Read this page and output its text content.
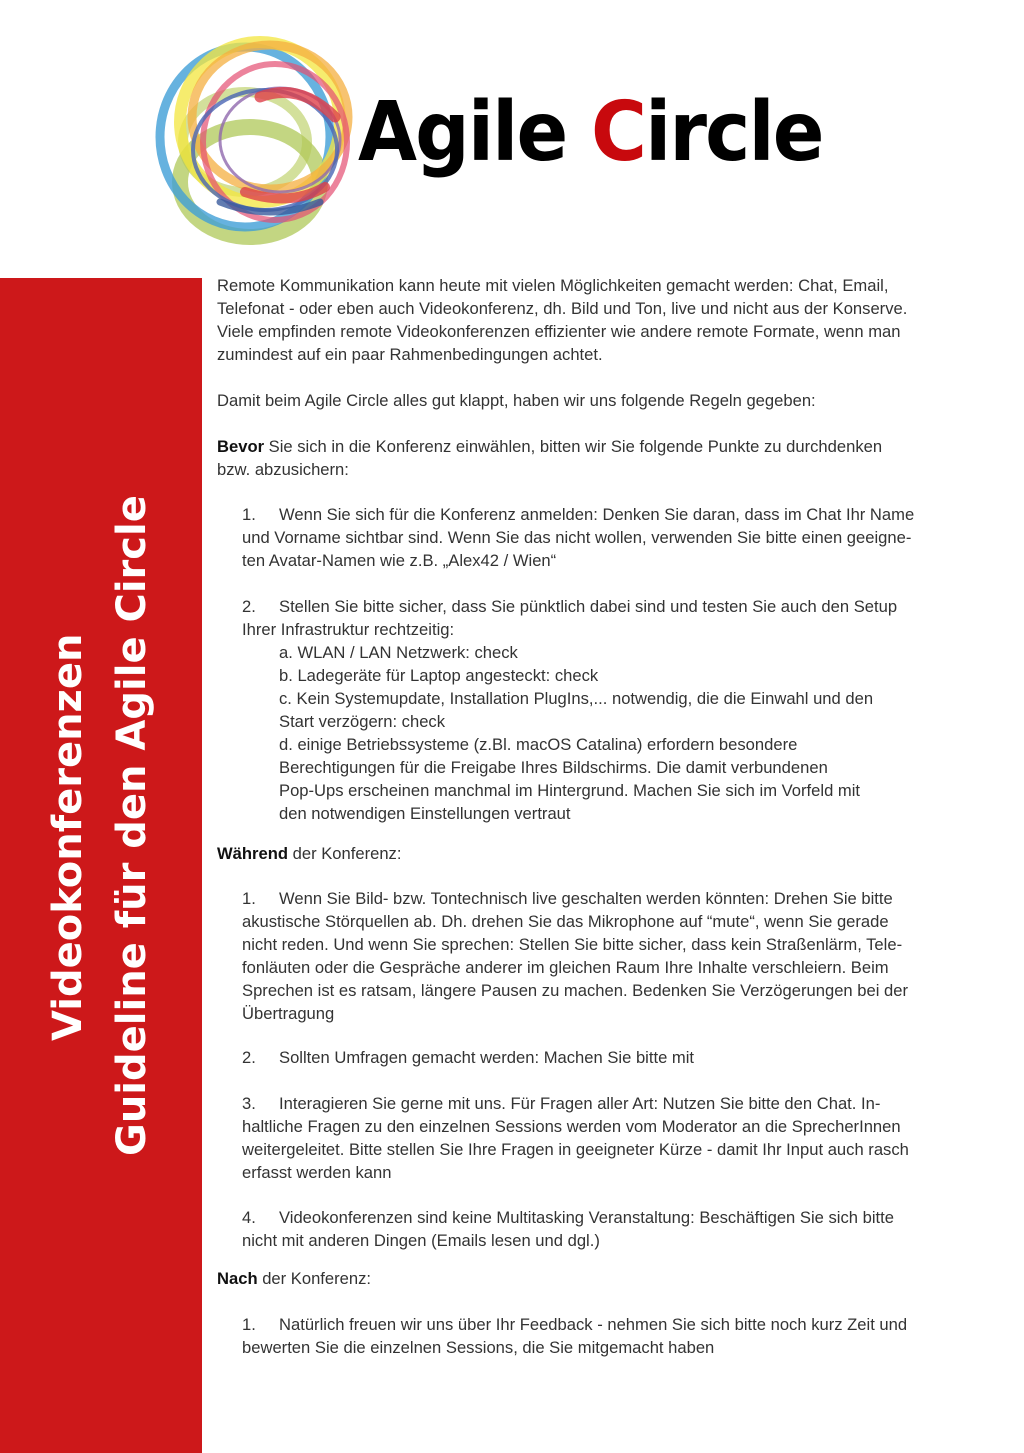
Agile Circle
Videokonferenzen Guideline für den Agile Circle
Remote Kommunikation kann heute mit vielen Möglichkeiten gemacht werden: Chat, Email,
Telefonat - oder eben auch Videokonferenz, dh. Bild und Ton, live und nicht aus der Konserve.
Viele empfinden remote Videokonferenzen effizienter wie andere remote Formate, wenn man
zumindest auf ein paar Rahmenbedingungen achtet.
Damit beim Agile Circle alles gut klappt, haben wir uns folgende Regeln gegeben:
Bevor Sie sich in die Konferenz einwählen, bitten wir Sie folgende Punkte zu durchdenken
bzw. abzusichern:
1. Wenn Sie sich für die Konferenz anmelden: Denken Sie daran, dass im Chat Ihr Name
und Vorname sichtbar sind. Wenn Sie das nicht wollen, verwenden Sie bitte einen geeigne-
ten Avatar-Namen wie z.B. „Alex42 / Wien“
2. Stellen Sie bitte sicher, dass Sie pünktlich dabei sind und testen Sie auch den Setup
Ihrer Infrastruktur rechtzeitig:
a. WLAN / LAN Netzwerk: check
b. Ladegeräte für Laptop angesteckt: check
c. Kein Systemupdate, Installation PlugIns,... notwendig, die die Einwahl und den
Start verzögern: check
d. einige Betriebssysteme (z.Bl. macOS Catalina) erfordern besondere
Berechtigungen für die Freigabe Ihres Bildschirms. Die damit verbundenen
Pop-Ups erscheinen manchmal im Hintergrund. Machen Sie sich im Vorfeld mit
den notwendigen Einstellungen vertraut
Während der Konferenz:
1. Wenn Sie Bild- bzw. Tontechnisch live geschalten werden könnten: Drehen Sie bitte
akustische Störquellen ab. Dh. drehen Sie das Mikrophone auf “mute“, wenn Sie gerade
nicht reden. Und wenn Sie sprechen: Stellen Sie bitte sicher, dass kein Straßenlärm, Tele-
fonläuten oder die Gespräche anderer im gleichen Raum Ihre Inhalte verschleiern. Beim
Sprechen ist es ratsam, längere Pausen zu machen. Bedenken Sie Verzögerungen bei der
Übertragung
2. Sollten Umfragen gemacht werden: Machen Sie bitte mit
3. Interagieren Sie gerne mit uns. Für Fragen aller Art: Nutzen Sie bitte den Chat. In-
haltliche Fragen zu den einzelnen Sessions werden vom Moderator an die SprecherInnen
weitergeleitet. Bitte stellen Sie Ihre Fragen in geeigneter Kürze - damit Ihr Input auch rasch
erfasst werden kann
4. Videokonferenzen sind keine Multitasking Veranstaltung: Beschäftigen Sie sich bitte
nicht mit anderen Dingen (Emails lesen und dgl.)
Nach der Konferenz:
1. Natürlich freuen wir uns über Ihr Feedback - nehmen Sie sich bitte noch kurz Zeit und
bewerten Sie die einzelnen Sessions, die Sie mitgemacht haben
